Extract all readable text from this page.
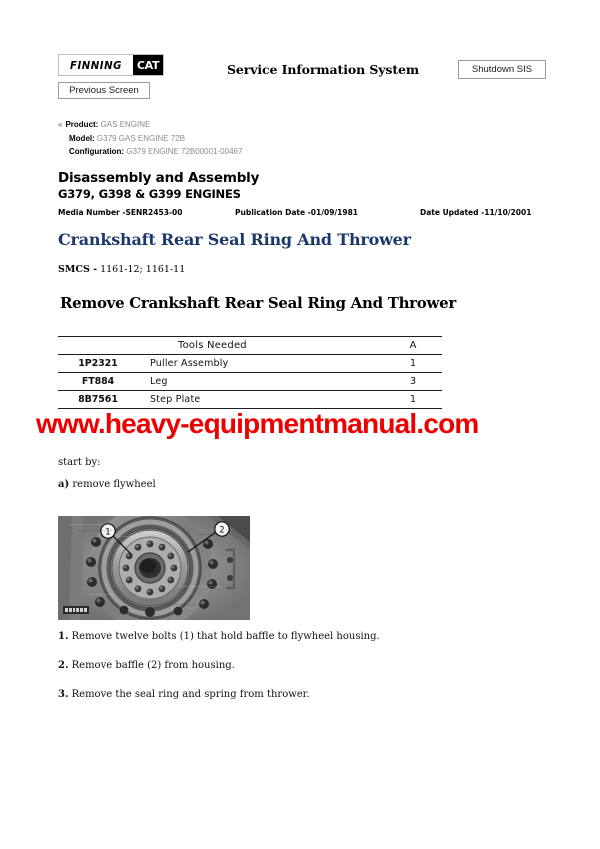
FINNING	CAT	Service Information System	Shutdown SIS
Previous Screen
« Product: GAS ENGINE
Model: G379 GAS ENGINE 72B
Configuration: G379 ENGINE 72B00001-00467
Disassembly and Assembly
G379, G398 & G399 ENGINES
Media Number -SENR2453-00	Publication Date -01/09/1981	Date Updated -11/10/2001
Crankshaft Rear Seal Ring And Thrower
SMCS - 1161-12; 1161-11
Remove Crankshaft Rear Seal Ring And Thrower
	Tools Needed	A
1P2321	Puller Assembly	1
FT884	Leg	3
8B7561	Step Plate	1
www.heavy-equipmentmanual.com
start by:
a) remove flywheel
1	2
1. Remove twelve bolts (1) that hold baffle to flywheel housing.
2. Remove baffle (2) from housing.
3. Remove the seal ring and spring from thrower.
